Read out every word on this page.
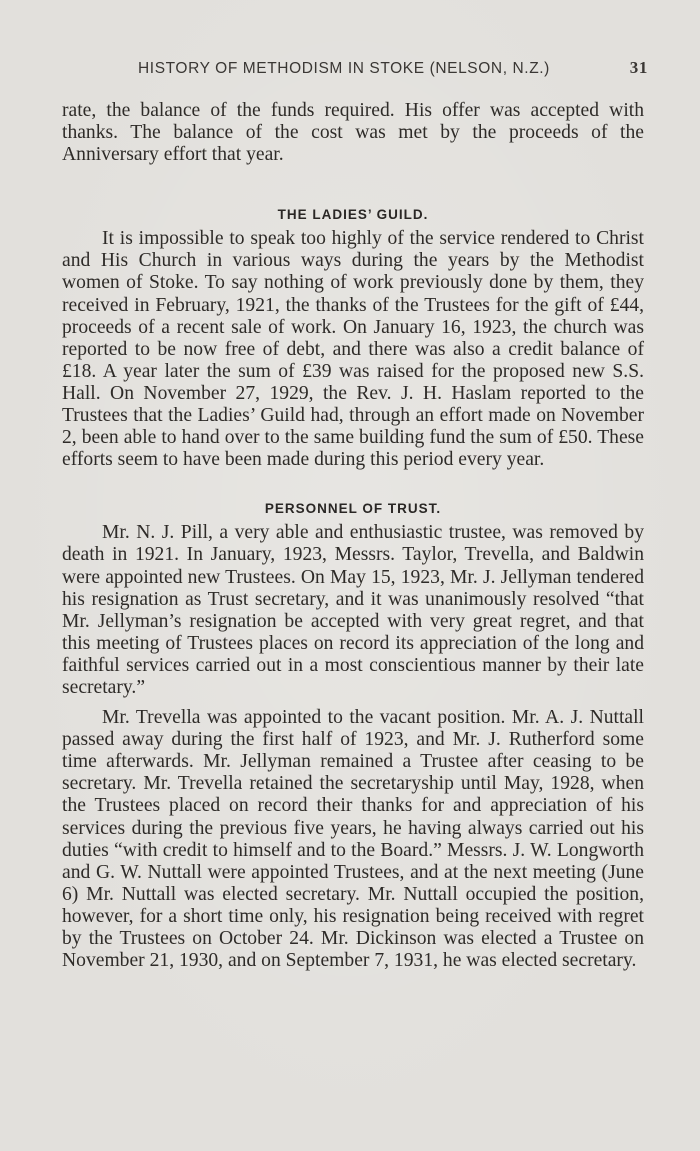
HISTORY OF METHODISM IN STOKE (NELSON, N.Z.)	31

rate, the balance of the funds required. His offer was accepted with thanks. The balance of the cost was met by the proceeds of the Anniversary effort that year.

THE LADIES’ GUILD.

It is impossible to speak too highly of the service rendered to Christ and His Church in various ways during the years by the Methodist women of Stoke. To say nothing of work previously done by them, they received in February, 1921, the thanks of the Trustees for the gift of £44, proceeds of a recent sale of work. On January 16, 1923, the church was reported to be now free of debt, and there was also a credit balance of £18. A year later the sum of £39 was raised for the proposed new S.S. Hall. On November 27, 1929, the Rev. J. H. Haslam reported to the Trustees that the Ladies’ Guild had, through an effort made on November 2, been able to hand over to the same building fund the sum of £50. These efforts seem to have been made during this period every year.

PERSONNEL OF TRUST.

Mr. N. J. Pill, a very able and enthusiastic trustee, was removed by death in 1921. In January, 1923, Messrs. Taylor, Trevella, and Baldwin were appointed new Trustees. On May 15, 1923, Mr. J. Jellyman tendered his resignation as Trust secretary, and it was unanimously resolved “that Mr. Jellyman’s resignation be accepted with very great regret, and that this meeting of Trustees places on record its appreciation of the long and faithful services carried out in a most conscientious manner by their late secretary.”

Mr. Trevella was appointed to the vacant position. Mr. A. J. Nuttall passed away during the first half of 1923, and Mr. J. Rutherford some time afterwards. Mr. Jellyman remained a Trustee after ceasing to be secretary. Mr. Trevella retained the secretaryship until May, 1928, when the Trustees placed on record their thanks for and appreciation of his services during the previous five years, he having always carried out his duties “with credit to himself and to the Board.” Messrs. J. W. Longworth and G. W. Nuttall were appointed Trustees, and at the next meeting (June 6) Mr. Nuttall was elected secretary. Mr. Nuttall occupied the position, however, for a short time only, his resignation being received with regret by the Trustees on October 24. Mr. Dickinson was elected a Trustee on November 21, 1930, and on September 7, 1931, he was elected secretary.
